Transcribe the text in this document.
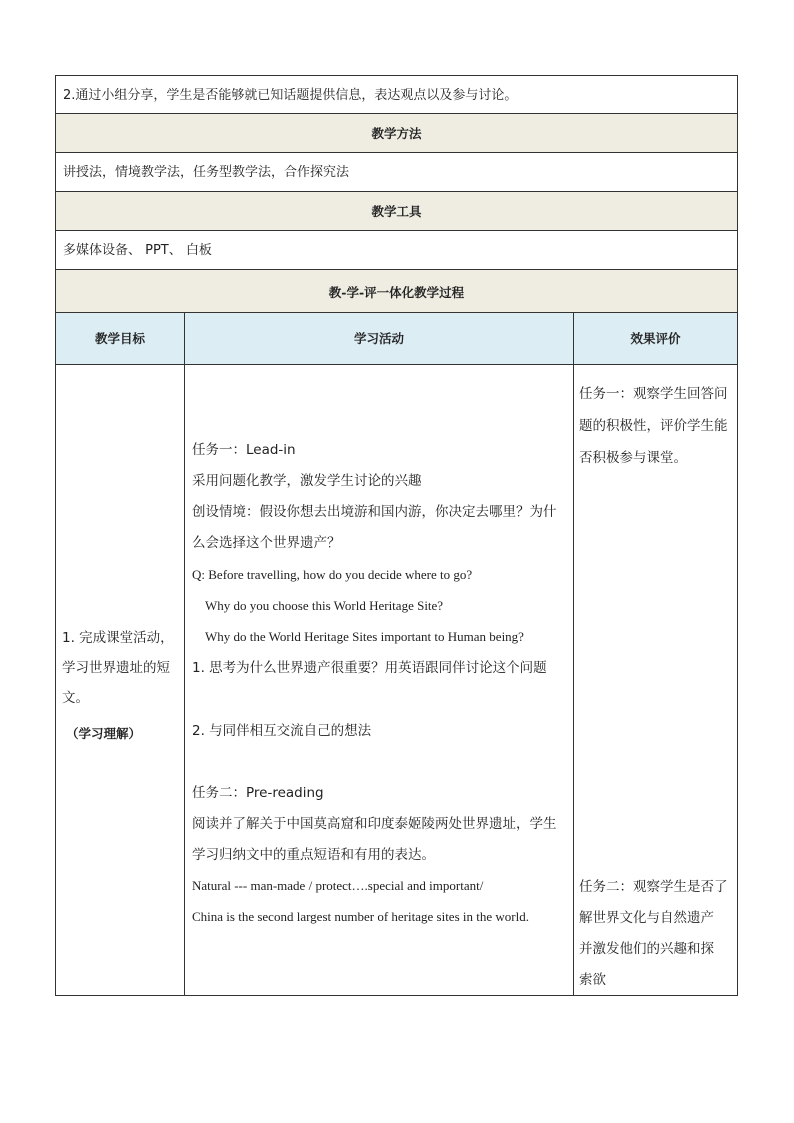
2.通过小组分享，学生是否能够就已知话题提供信息，表达观点以及参与讨论。
教学方法
讲授法，情境教学法，任务型教学法，合作探究法
教学工具
多媒体设备、 PPT、 白板
教-学-评一体化教学过程
教学目标	学习活动	效果评价
1. 完成课堂活动，
学习世界遗址的短
文。
（学习理解）
任务一：Lead-in
采用问题化教学，激发学生讨论的兴趣
创设情境：假设你想去出境游和国内游，你决定去哪里？为什
么会选择这个世界遗产？
Q: Before travelling, how do you decide where to go?
Why do you choose this World Heritage Site?
Why do the World Heritage Sites important to Human being?
1. 思考为什么世界遗产很重要？用英语跟同伴讨论这个问题
2. 与同伴相互交流自己的想法
任务二：Pre-reading
阅读并了解关于中国莫高窟和印度泰姬陵两处世界遗址，学生
学习归纳文中的重点短语和有用的表达。
Natural --- man-made / protect….special and important/
China is the second largest number of heritage sites in the world.
任务一：观察学生回答问
题的积极性，评价学生能
否积极参与课堂。
任务二：观察学生是否了
解世界文化与自然遗产
并激发他们的兴趣和探
索欲
